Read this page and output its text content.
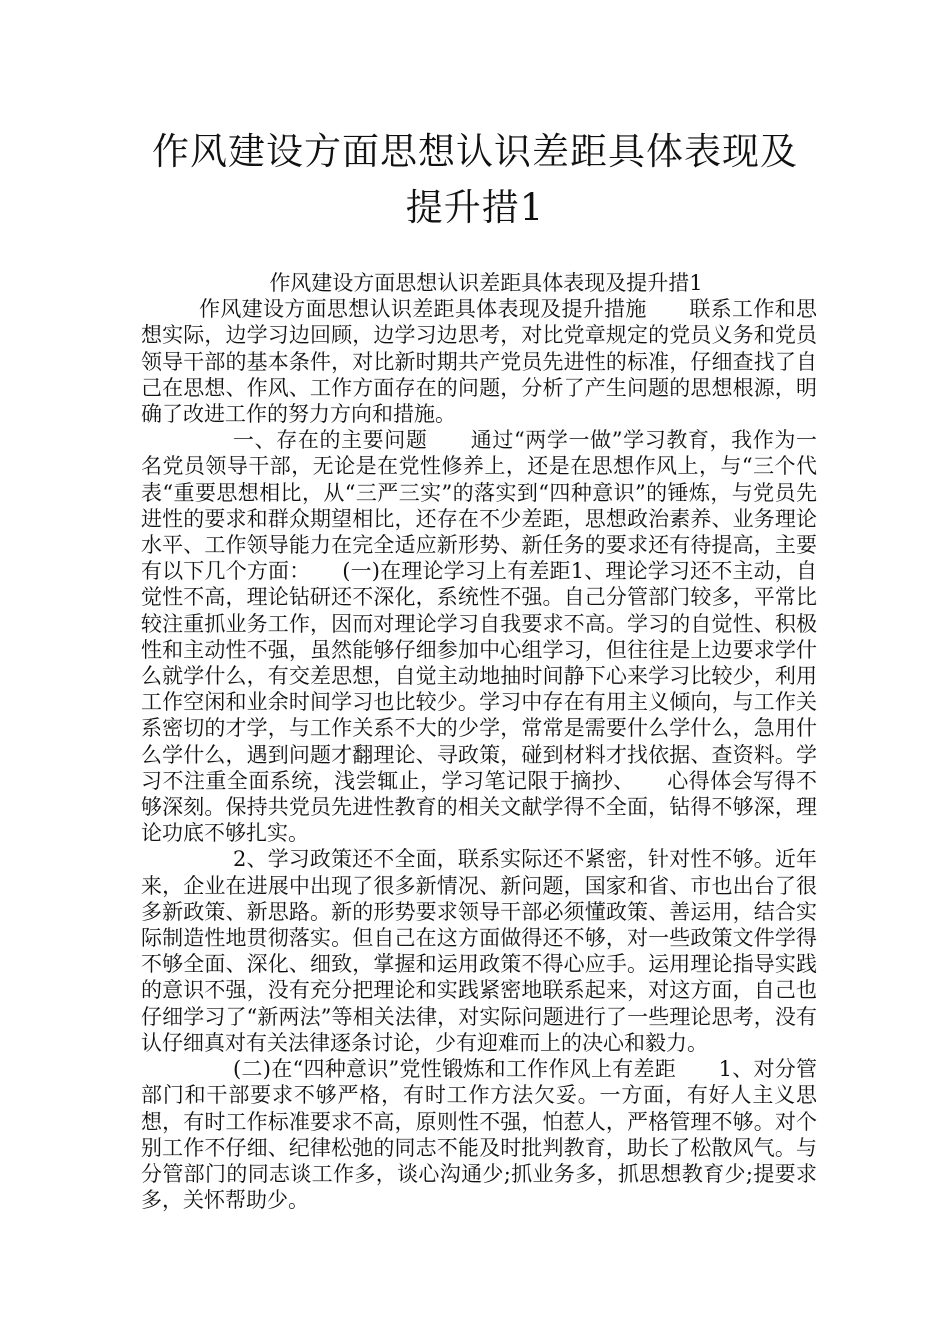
作风建设方面思想认识差距具体表现及提升措1

作风建设方面思想认识差距具体表现及提升措1

作风建设方面思想认识差距具体表现及提升措施　　联系工作和思想实际，边学习边回顾，边学习边思考，对比党章规定的党员义务和党员领导干部的基本条件，对比新时期共产党员先进性的标准，仔细查找了自己在思想、作风、工作方面存在的问题，分析了产生问题的思想根源，明确了改进工作的努力方向和措施。

一、存在的主要问题　　通过“两学一做”学习教育，我作为一名党员领导干部，无论是在党性修养上，还是在思想作风上，与“三个代表“重要思想相比，从“三严三实”的落实到“四种意识”的锤炼，与党员先进性的要求和群众期望相比，还存在不少差距，思想政治素养、业务理论水平、工作领导能力在完全适应新形势、新任务的要求还有待提高，主要有以下几个方面：　　(一)在理论学习上有差距1、理论学习还不主动，自觉性不高，理论钻研还不深化，系统性不强。自己分管部门较多，平常比较注重抓业务工作，因而对理论学习自我要求不高。学习的自觉性、积极性和主动性不强，虽然能够仔细参加中心组学习，但往往是上边要求学什么就学什么，有交差思想，自觉主动地抽时间静下心来学习比较少，利用工作空闲和业余时间学习也比较少。学习中存在有用主义倾向，与工作关系密切的才学，与工作关系不大的少学，常常是需要什么学什么，急用什么学什么，遇到问题才翻理论、寻政策，碰到材料才找依据、查资料。学习不注重全面系统，浅尝辄止，学习笔记限于摘抄、　　心得体会写得不够深刻。保持共党员先进性教育的相关文献学得不全面，钻得不够深，理论功底不够扎实。

2、学习政策还不全面，联系实际还不紧密，针对性不够。近年来，企业在进展中出现了很多新情况、新问题，国家和省、市也出台了很多新政策、新思路。新的形势要求领导干部必须懂政策、善运用，结合实际制造性地贯彻落实。但自己在这方面做得还不够，对一些政策文件学得不够全面、深化、细致，掌握和运用政策不得心应手。运用理论指导实践的意识不强，没有充分把理论和实践紧密地联系起来，对这方面，自己也仔细学习了“新两法”等相关法律，对实际问题进行了一些理论思考，没有认仔细真对有关法律逐条讨论，少有迎难而上的决心和毅力。

(二)在“四种意识”党性锻炼和工作作风上有差距　　1、对分管部门和干部要求不够严格，有时工作方法欠妥。一方面，有好人主义思想，有时工作标准要求不高，原则性不强，怕惹人，严格管理不够。对个别工作不仔细、纪律松弛的同志不能及时批判教育，助长了松散风气。与分管部门的同志谈工作多，谈心沟通少;抓业务多，抓思想教育少;提要求多，关怀帮助少。
